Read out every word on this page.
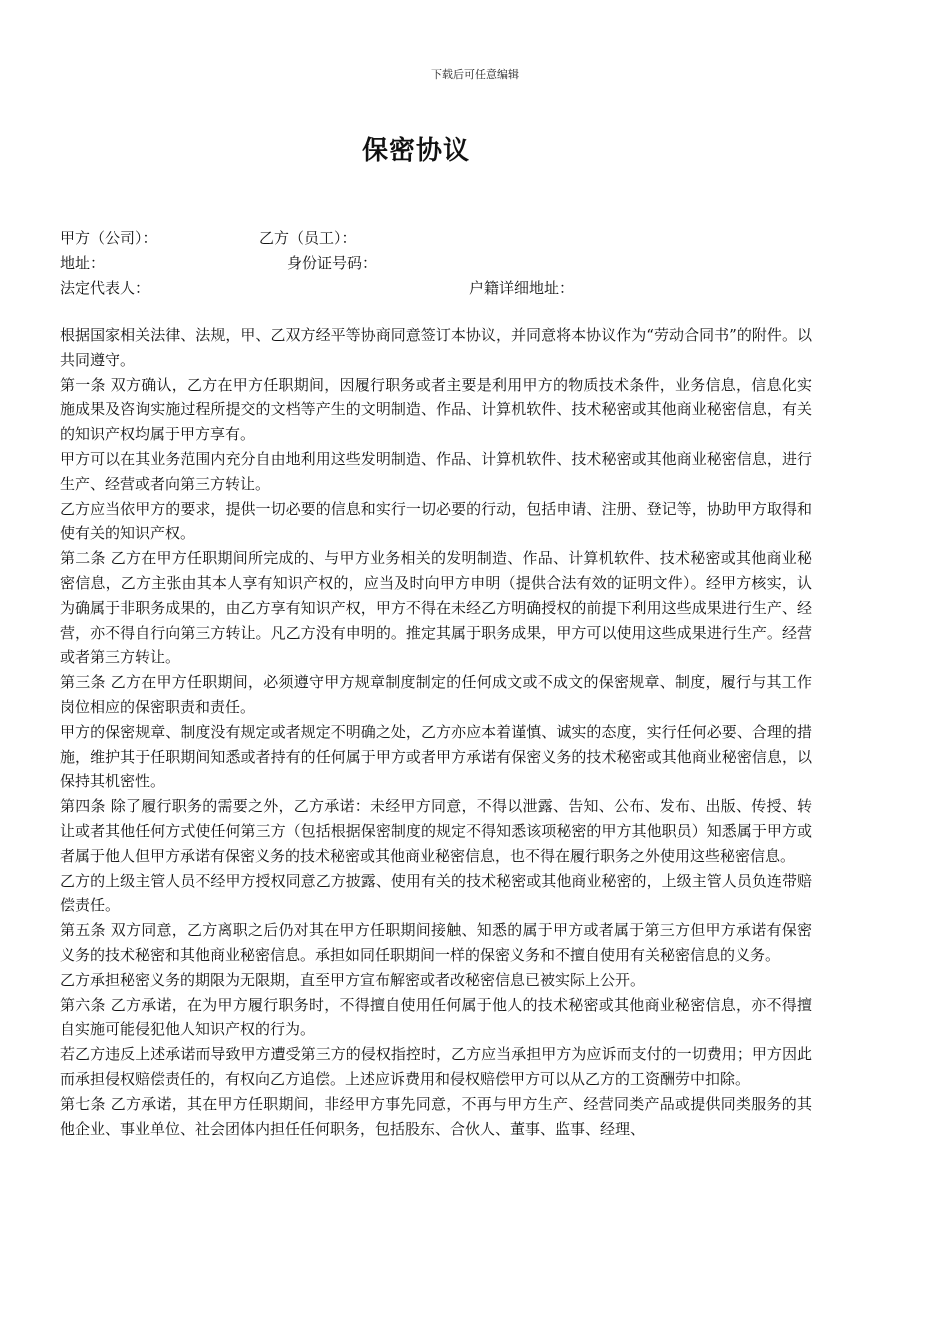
下载后可任意编辑
保密协议
甲方（公司）：	乙方（员工）：
地址：	身份证号码：
法定代表人：	户籍详细地址：

根据国家相关法律、法规，甲、乙双方经平等协商同意签订本协议，并同意将本协议作为“劳动合同书”的附件。以共同遵守。

第一条 双方确认，乙方在甲方任职期间，因履行职务或者主要是利用甲方的物质技术条件，业务信息，信息化实施成果及咨询实施过程所提交的文档等产生的文明制造、作品、计算机软件、技术秘密或其他商业秘密信息，有关的知识产权均属于甲方享有。

甲方可以在其业务范围内充分自由地利用这些发明制造、作品、计算机软件、技术秘密或其他商业秘密信息，进行生产、经营或者向第三方转让。

乙方应当依甲方的要求，提供一切必要的信息和实行一切必要的行动，包括申请、注册、登记等，协助甲方取得和使有关的知识产权。

第二条 乙方在甲方任职期间所完成的、与甲方业务相关的发明制造、作品、计算机软件、技术秘密或其他商业秘密信息，乙方主张由其本人享有知识产权的，应当及时向甲方申明（提供合法有效的证明文件）。经甲方核实，认为确属于非职务成果的，由乙方享有知识产权，甲方不得在未经乙方明确授权的前提下利用这些成果进行生产、经营，亦不得自行向第三方转让。凡乙方没有申明的。推定其属于职务成果，甲方可以使用这些成果进行生产。经营或者第三方转让。

第三条 乙方在甲方任职期间，必须遵守甲方规章制度制定的任何成文或不成文的保密规章、制度，履行与其工作岗位相应的保密职责和责任。

甲方的保密规章、制度没有规定或者规定不明确之处，乙方亦应本着谨慎、诚实的态度，实行任何必要、合理的措施，维护其于任职期间知悉或者持有的任何属于甲方或者甲方承诺有保密义务的技术秘密或其他商业秘密信息，以保持其机密性。

第四条 除了履行职务的需要之外，乙方承诺：未经甲方同意，不得以泄露、告知、公布、发布、出版、传授、转让或者其他任何方式使任何第三方（包括根据保密制度的规定不得知悉该项秘密的甲方其他职员）知悉属于甲方或者属于他人但甲方承诺有保密义务的技术秘密或其他商业秘密信息，也不得在履行职务之外使用这些秘密信息。

乙方的上级主管人员不经甲方授权同意乙方披露、使用有关的技术秘密或其他商业秘密的，上级主管人员负连带赔偿责任。

第五条 双方同意，乙方离职之后仍对其在甲方任职期间接触、知悉的属于甲方或者属于第三方但甲方承诺有保密义务的技术秘密和其他商业秘密信息。承担如同任职期间一样的保密义务和不擅自使用有关秘密信息的义务。

乙方承担秘密义务的期限为无限期，直至甲方宣布解密或者改秘密信息已被实际上公开。

第六条 乙方承诺，在为甲方履行职务时，不得擅自使用任何属于他人的技术秘密或其他商业秘密信息，亦不得擅自实施可能侵犯他人知识产权的行为。

若乙方违反上述承诺而导致甲方遭受第三方的侵权指控时，乙方应当承担甲方为应诉而支付的一切费用；甲方因此而承担侵权赔偿责任的，有权向乙方追偿。上述应诉费用和侵权赔偿甲方可以从乙方的工资酬劳中扣除。

第七条 乙方承诺，其在甲方任职期间，非经甲方事先同意，不再与甲方生产、经营同类产品或提供同类服务的其他企业、事业单位、社会团体内担任任何职务，包括股东、合伙人、董事、监事、经理、
